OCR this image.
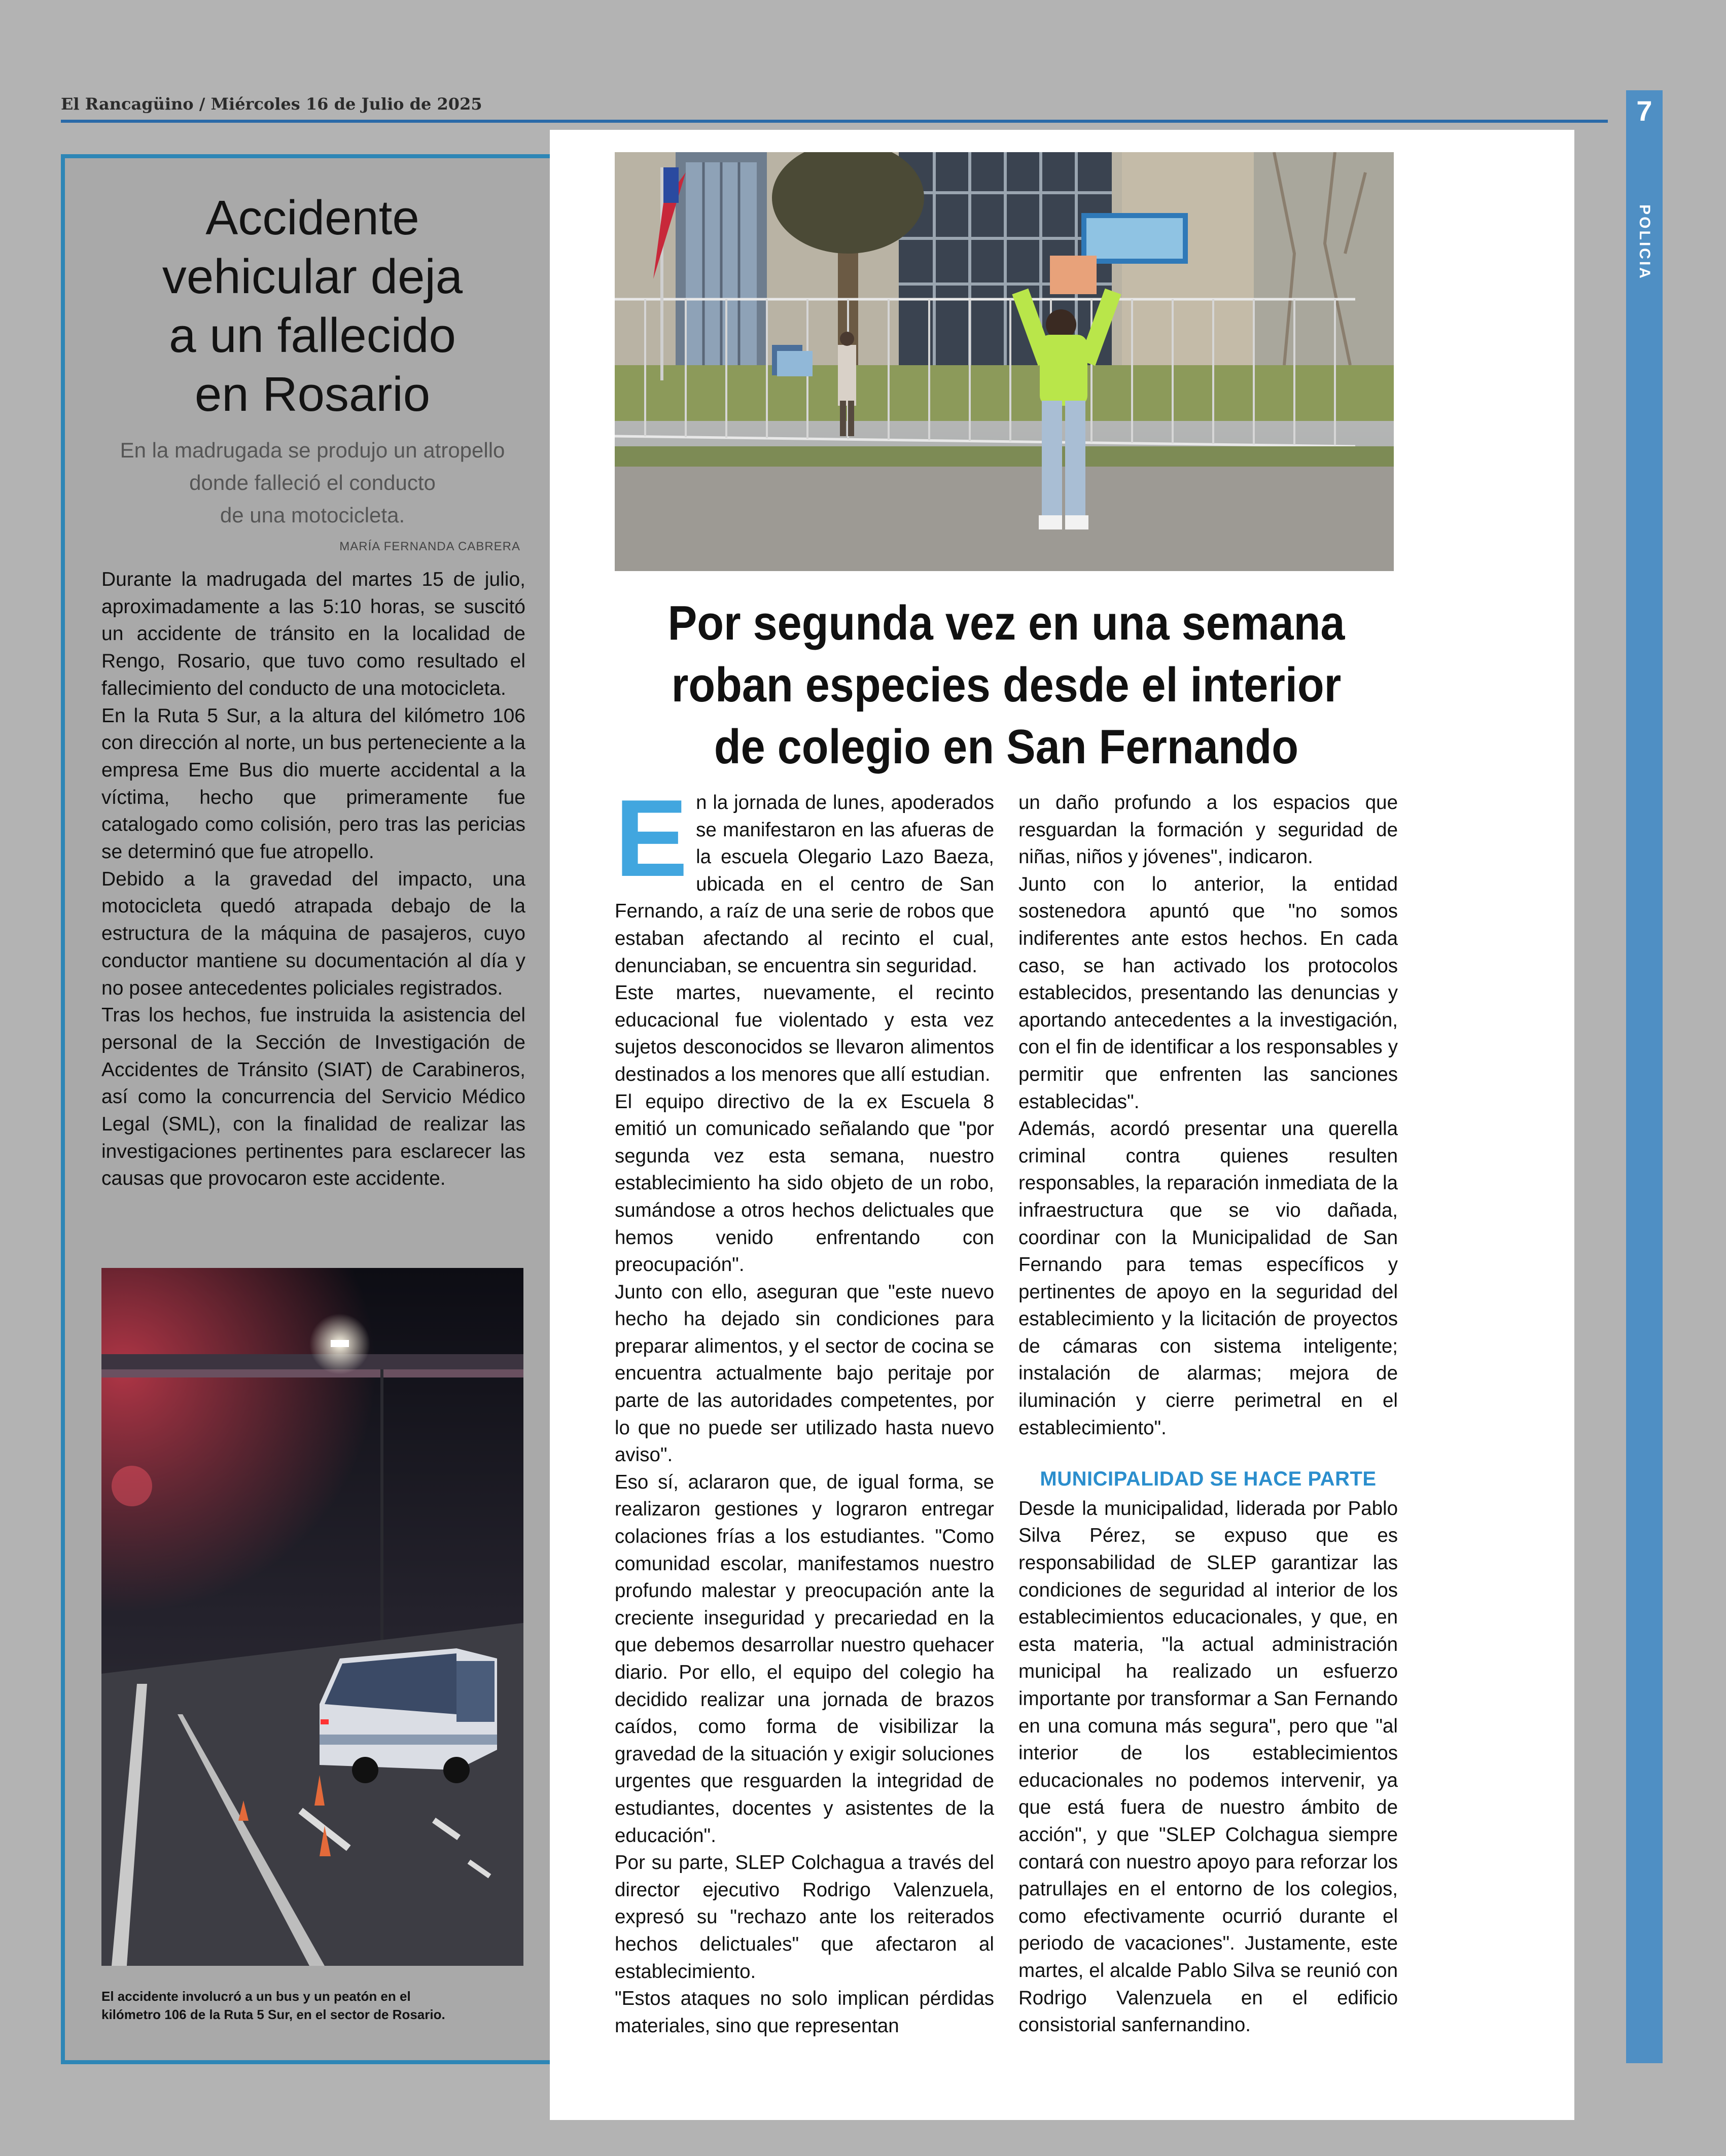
El Rancagüino / Miércoles 16 de Julio de 2025	7
POLICIA
Accidente
vehicular deja
a un fallecido
en Rosario
En la madrugada se produjo un atropello
donde falleció el conducto
de una motocicleta.
MARÍA FERNANDA CABRERA

Durante la madrugada del martes 15 de julio, aproximadamente a las 5:10 horas, se suscitó un accidente de tránsito en la localidad de Rengo, Rosario, que tuvo como resultado el fallecimiento del conducto de una motocicleta.

En la Ruta 5 Sur, a la altura del kilómetro 106 con dirección al norte, un bus perteneciente a la empresa Eme Bus dio muerte accidental a la víctima, hecho que primeramente fue catalogado como colisión, pero tras las pericias se determinó que fue atropello.

Debido a la gravedad del impacto, una motocicleta quedó atrapada debajo de la estructura de la máquina de pasajeros, cuyo conductor mantiene su documentación al día y no posee antecedentes policiales registrados.

Tras los hechos, fue instruida la asistencia del personal de la Sección de Investigación de Accidentes de Tránsito (SIAT) de Carabineros, así como la concurrencia del Servicio Médico Legal (SML), con la finalidad de realizar las investigaciones pertinentes para esclarecer las causas que provocaron este accidente.

El accidente involucró a un bus y un peatón en el
kilómetro 106 de la Ruta 5 Sur, en el sector de Rosario.
Por segunda vez en una semana
roban especies desde el interior
de colegio en San Fernando
E n la jornada de lunes, apoderados se manifestaron en las afueras de la escuela Olegario Lazo Baeza, ubicada en el centro de San Fernando, a raíz de una serie de robos que estaban afectando al recinto el cual, denunciaban, se encuentra sin seguridad.

Este martes, nuevamente, el recinto educacional fue violentado y esta vez sujetos desconocidos se llevaron alimentos destinados a los menores que allí estudian.

El equipo directivo de la ex Escuela 8 emitió un comunicado señalando que "por segunda vez esta semana, nuestro establecimiento ha sido objeto de un robo, sumándose a otros hechos delictuales que hemos venido enfrentando con preocupación".

Junto con ello, aseguran que "este nuevo hecho ha dejado sin condiciones para preparar alimentos, y el sector de cocina se encuentra actualmente bajo peritaje por parte de las autoridades competentes, por lo que no puede ser utilizado hasta nuevo aviso".

Eso sí, aclararon que, de igual forma, se realizaron gestiones y lograron entregar colaciones frías a los estudiantes. "Como comunidad escolar, manifestamos nuestro profundo malestar y preocupación ante la creciente inseguridad y precariedad en la que debemos desarrollar nuestro quehacer diario. Por ello, el equipo del colegio ha decidido realizar una jornada de brazos caídos, como forma de visibilizar la gravedad de la situación y exigir soluciones urgentes que resguarden la integridad de estudiantes, docentes y asistentes de la educación".

Por su parte, SLEP Colchagua a través del director ejecutivo Rodrigo Valenzuela, expresó su "rechazo ante los reiterados hechos delictuales" que afectaron al establecimiento.

"Estos ataques no solo implican pérdidas materiales, sino que representan

un daño profundo a los espacios que resguardan la formación y seguridad de niñas, niños y jóvenes", indicaron.

Junto con lo anterior, la entidad sostenedora apuntó que "no somos indiferentes ante estos hechos. En cada caso, se han activado los protocolos establecidos, presentando las denuncias y aportando antecedentes a la investigación, con el fin de identificar a los responsables y permitir que enfrenten las sanciones establecidas".

Además, acordó presentar una querella criminal contra quienes resulten responsables, la reparación inmediata de la infraestructura que se vio dañada, coordinar con la Municipalidad de San Fernando para temas específicos y pertinentes de apoyo en la seguridad del establecimiento y la licitación de proyectos de cámaras con sistema inteligente; instalación de alarmas; mejora de iluminación y cierre perimetral en el establecimiento".

MUNICIPALIDAD SE HACE PARTE

Desde la municipalidad, liderada por Pablo Silva Pérez, se expuso que es responsabilidad de SLEP garantizar las condiciones de seguridad al interior de los establecimientos educacionales, y que, en esta materia, "la actual administración municipal ha realizado un esfuerzo importante por transformar a San Fernando en una comuna más segura", pero que "al interior de los establecimientos educacionales no podemos intervenir, ya que está fuera de nuestro ámbito de acción", y que "SLEP Colchagua siempre contará con nuestro apoyo para reforzar los patrullajes en el entorno de los colegios, como efectivamente ocurrió durante el periodo de vacaciones". Justamente, este martes, el alcalde Pablo Silva se reunió con Rodrigo Valenzuela en el edificio consistorial sanfernandino.
